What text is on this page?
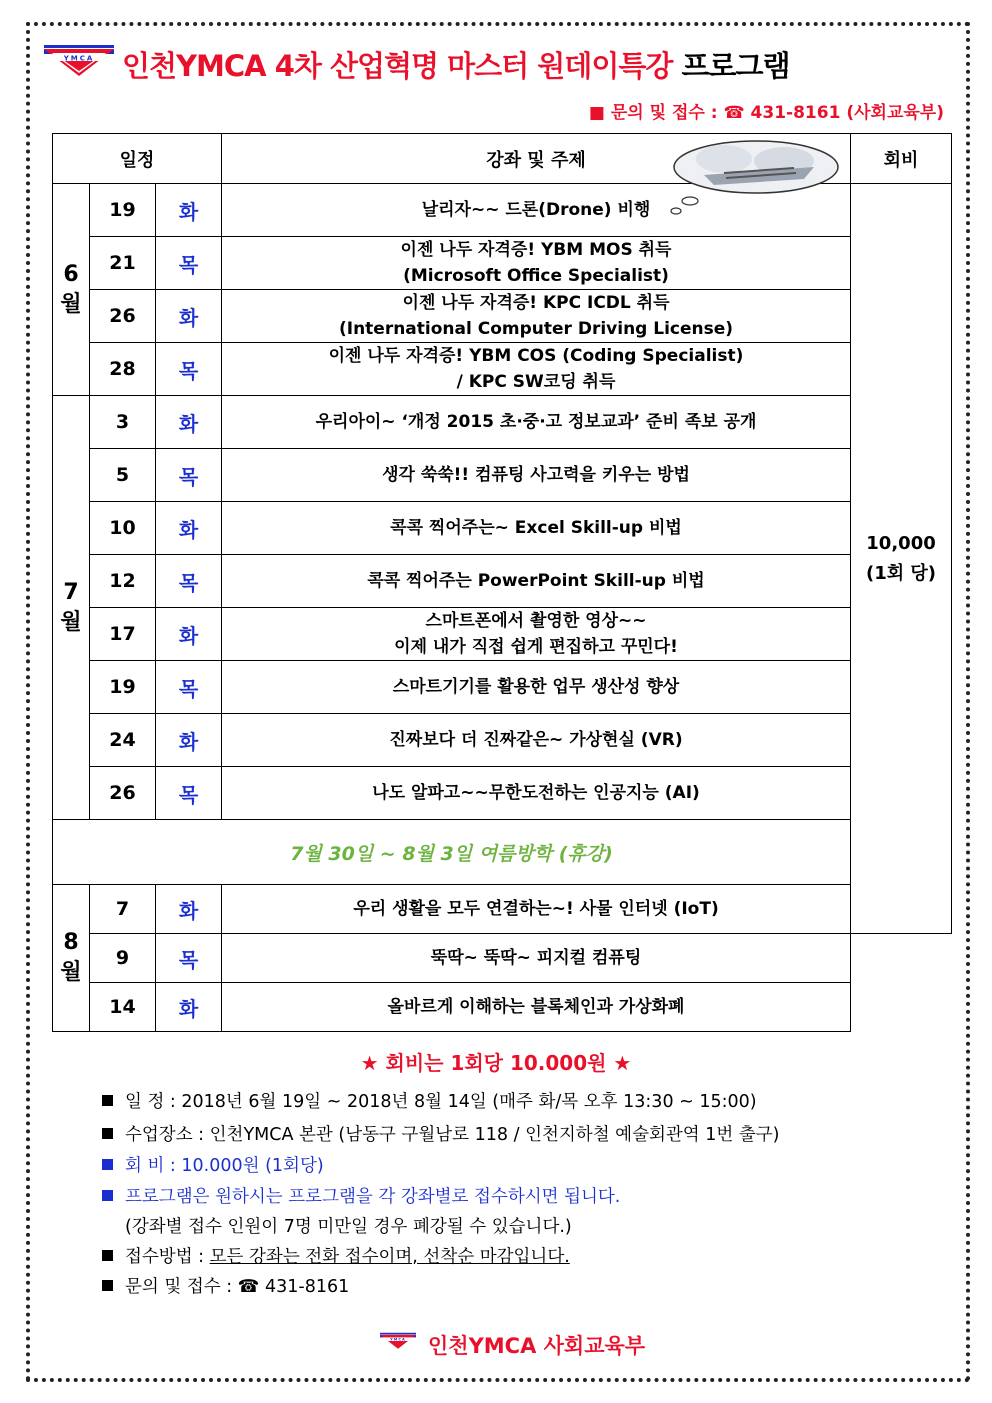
YMCA 인천YMCA 4차 산업혁명 마스터 원데이특강 프로그램
■ 문의 및 접수 : ☎ 431-8161 (사회교육부)
일정			강좌 및 주제	회비
6
월	19	화	날리자~~ 드론(Drone) 비행	10,000
(1회 당)
	21	목	이젠 나두 자격증! YBM MOS 취득
(Microsoft Office Specialist)	
	26	화	이젠 나두 자격증! KPC ICDL 취득
(International Computer Driving License)	
	28	목	이젠 나두 자격증! YBM COS (Coding Specialist)
/ KPC SW코딩 취득	
7
월	3	화	우리아이~ ‘개정 2015 초·중·고 정보교과’ 준비 족보 공개	
	5	목	생각 쑥쑥!! 컴퓨팅 사고력을 키우는 방법	
	10	화	콕콕 찍어주는~ Excel Skill-up 비법	
	12	목	콕콕 찍어주는 PowerPoint Skill-up 비법	
	17	화	스마트폰에서 촬영한 영상~~
이제 내가 직접 쉽게 편집하고 꾸민다!	
	19	목	스마트기기를 활용한 업무 생산성 향상	
	24	화	진짜보다 더 진짜같은~ 가상현실 (VR)	
	26	목	나도 알파고~~무한도전하는 인공지능 (AI)	
7월 30일 ~ 8월 3일 여름방학 (휴강)				
8
월	7	화	우리 생활을 모두 연결하는~! 사물 인터넷 (IoT)	
	9	목	뚝딱~ 뚝딱~ 피지컬 컴퓨팅	
	14	화	올바르게 이해하는 블록체인과 가상화폐	
★ 회비는 1회당 10.000원 ★
일 정 : 2018년 6월 19일 ~ 2018년 8월 14일 (매주 화/목 오후 13:30 ~ 15:00)
수업장소 : 인천YMCA 본관 (남동구 구월남로 118 / 인천지하철 예술회관역 1번 출구)
회 비 : 10.000원 (1회당)
프로그램은 원하시는 프로그램을 각 강좌별로 접수하시면 됩니다.
(강좌별 접수 인원이 7명 미만일 경우 폐강될 수 있습니다.)
접수방법 : 모든 강좌는 전화 접수이며, 선착순 마감입니다.
문의 및 접수 : ☎ 431-8161
YMCA 인천YMCA 사회교육부
